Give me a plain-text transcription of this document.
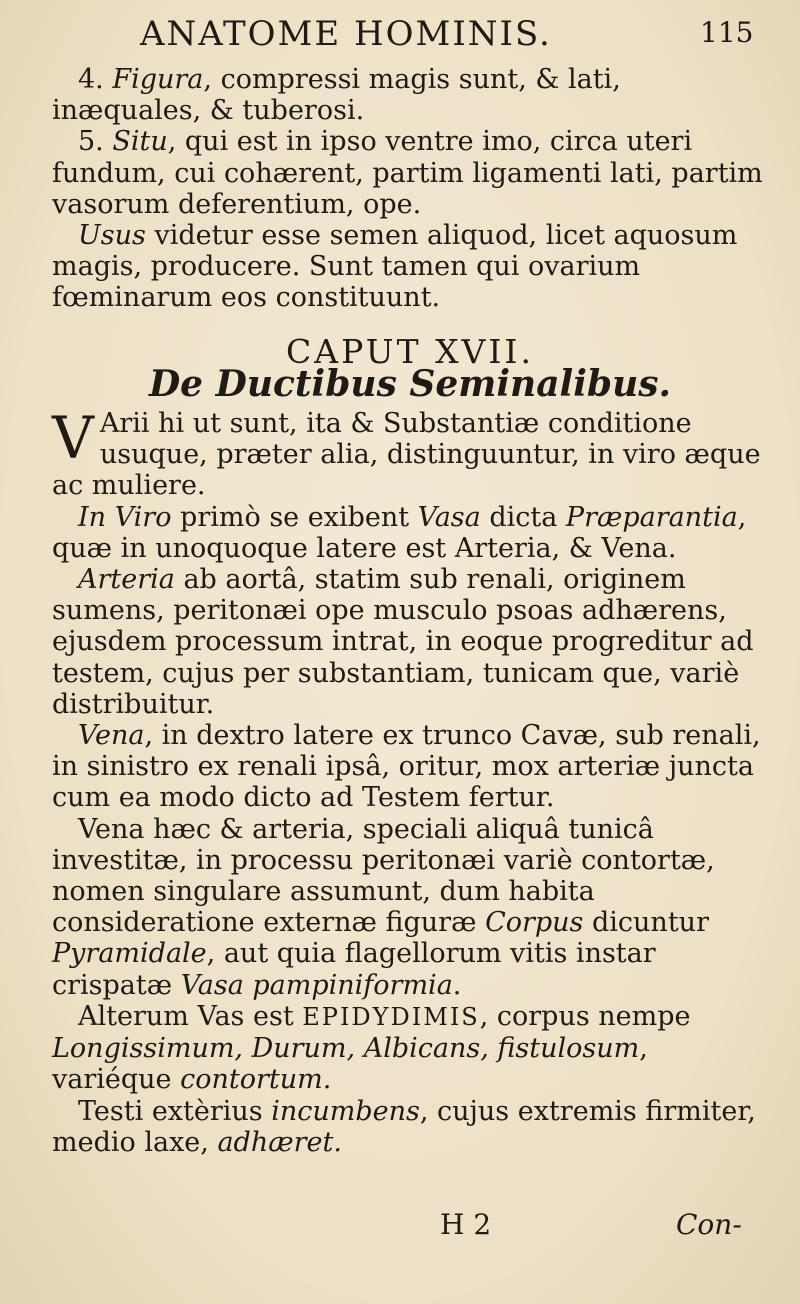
ANATOME HOMINIS.	115

4. Figura, compressi magis sunt, & lati, inæquales, & tuberosi.

5. Situ, qui est in ipso ventre imo, circa uteri fundum, cui cohærent, partim ligamenti lati, partim vasorum deferentium, ope.

Usus videtur esse semen aliquod, licet aquosum magis, producere. Sunt tamen qui ovarium fœminarum eos constituunt.

CAPUT XVII.
De Ductibus Seminalibus.

V Arii hi ut sunt, ita & Substantiæ conditione usuque, præter alia, distinguuntur, in viro æque ac muliere.

In Viro primò se exibent Vasa dicta Præparantia, quæ in unoquoque latere est Arteria, & Vena.

Arteria ab aortâ, statim sub renali, originem sumens, peritonæi ope musculo psoas adhærens, ejusdem processum intrat, in eoque progreditur ad testem, cujus per substantiam, tunicam que, variè distribuitur.

Vena, in dextro latere ex trunco Cavæ, sub renali, in sinistro ex renali ipsâ, oritur, mox arteriæ juncta cum ea modo dicto ad Testem fertur.

Vena hæc & arteria, speciali aliquâ tunicâ investitæ, in processu peritonæi variè contortæ, nomen singulare assumunt, dum habita consideratione externæ figuræ Corpus dicuntur Pyramidale, aut quia flagellorum vitis instar crispatæ Vasa pampiniformia.

Alterum Vas est EPIDYDIMIS, corpus nempe Longissimum, Durum, Albicans, fistulosum, variéque contortum.

Testi extèrius incumbens, cujus extremis firmiter, medio laxe, adhæret.

H 2	Con-
